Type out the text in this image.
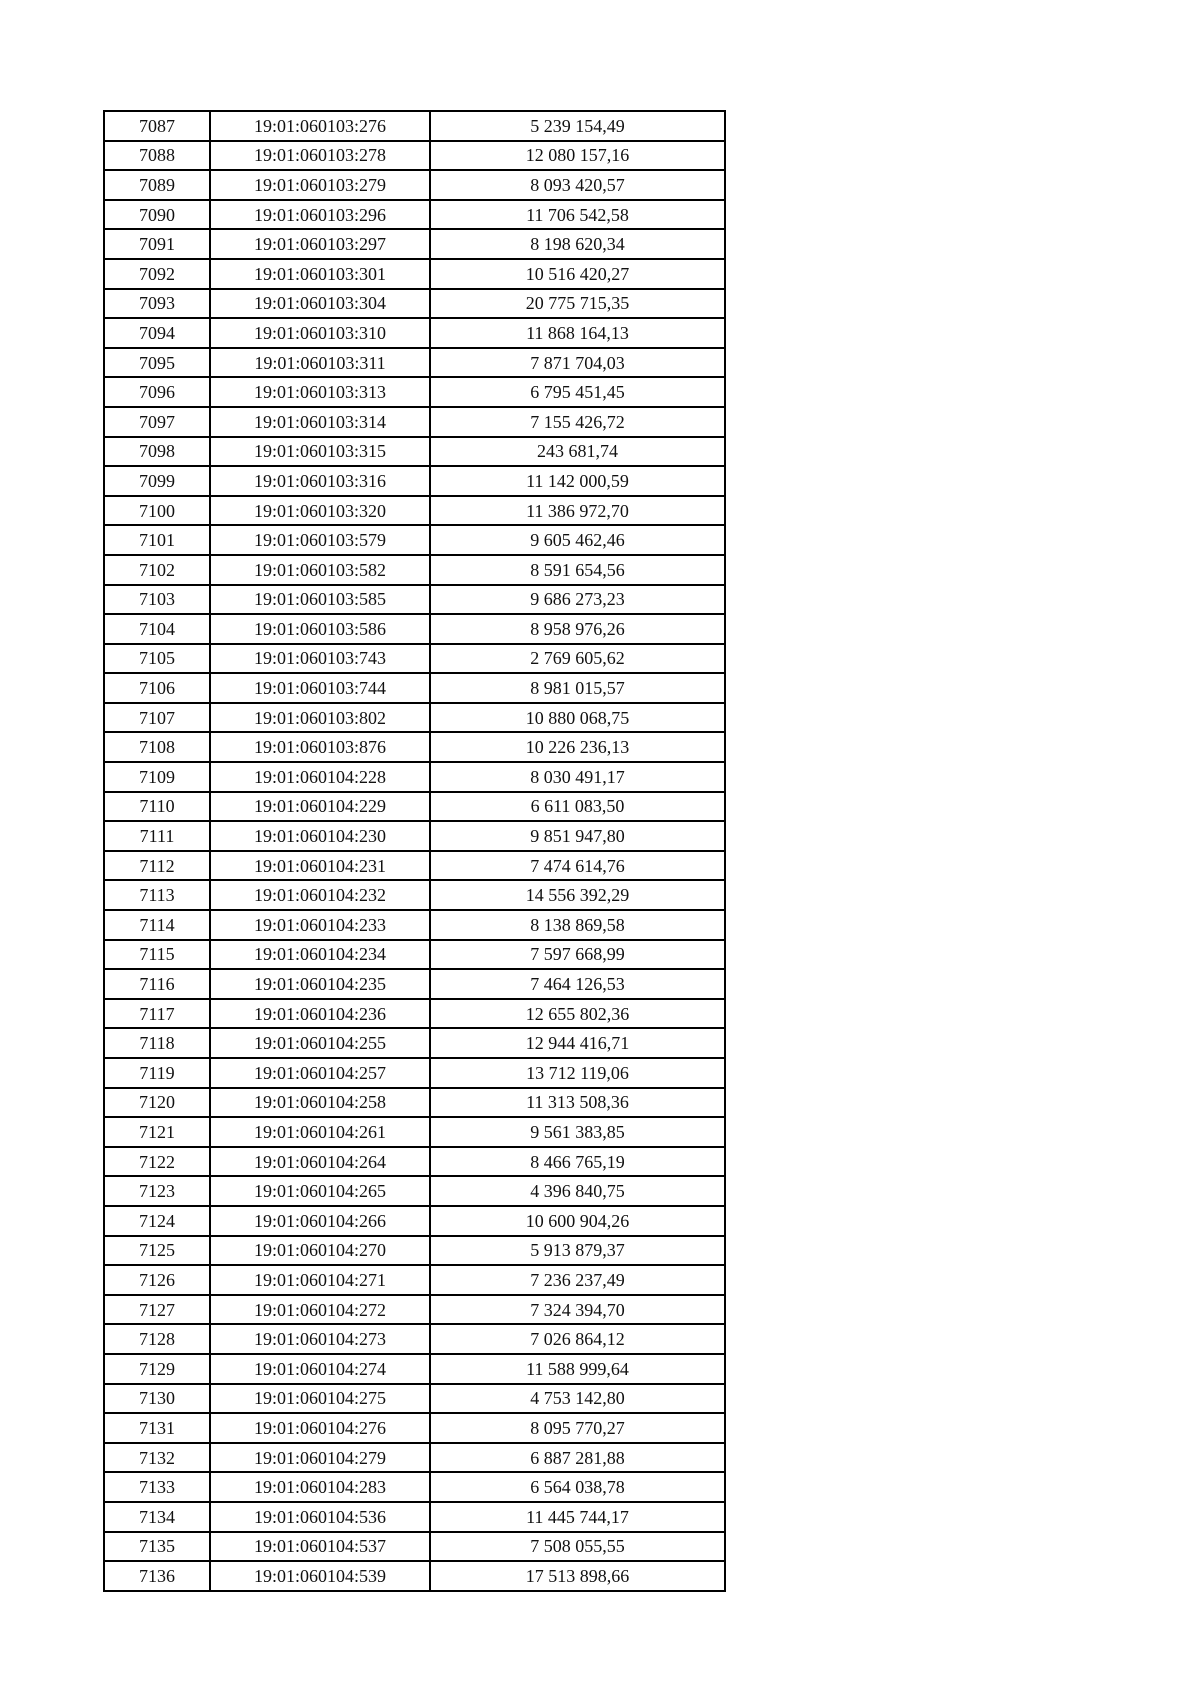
7087	19:01:060103:276	5 239 154,49
7088	19:01:060103:278	12 080 157,16
7089	19:01:060103:279	8 093 420,57
7090	19:01:060103:296	11 706 542,58
7091	19:01:060103:297	8 198 620,34
7092	19:01:060103:301	10 516 420,27
7093	19:01:060103:304	20 775 715,35
7094	19:01:060103:310	11 868 164,13
7095	19:01:060103:311	7 871 704,03
7096	19:01:060103:313	6 795 451,45
7097	19:01:060103:314	7 155 426,72
7098	19:01:060103:315	243 681,74
7099	19:01:060103:316	11 142 000,59
7100	19:01:060103:320	11 386 972,70
7101	19:01:060103:579	9 605 462,46
7102	19:01:060103:582	8 591 654,56
7103	19:01:060103:585	9 686 273,23
7104	19:01:060103:586	8 958 976,26
7105	19:01:060103:743	2 769 605,62
7106	19:01:060103:744	8 981 015,57
7107	19:01:060103:802	10 880 068,75
7108	19:01:060103:876	10 226 236,13
7109	19:01:060104:228	8 030 491,17
7110	19:01:060104:229	6 611 083,50
7111	19:01:060104:230	9 851 947,80
7112	19:01:060104:231	7 474 614,76
7113	19:01:060104:232	14 556 392,29
7114	19:01:060104:233	8 138 869,58
7115	19:01:060104:234	7 597 668,99
7116	19:01:060104:235	7 464 126,53
7117	19:01:060104:236	12 655 802,36
7118	19:01:060104:255	12 944 416,71
7119	19:01:060104:257	13 712 119,06
7120	19:01:060104:258	11 313 508,36
7121	19:01:060104:261	9 561 383,85
7122	19:01:060104:264	8 466 765,19
7123	19:01:060104:265	4 396 840,75
7124	19:01:060104:266	10 600 904,26
7125	19:01:060104:270	5 913 879,37
7126	19:01:060104:271	7 236 237,49
7127	19:01:060104:272	7 324 394,70
7128	19:01:060104:273	7 026 864,12
7129	19:01:060104:274	11 588 999,64
7130	19:01:060104:275	4 753 142,80
7131	19:01:060104:276	8 095 770,27
7132	19:01:060104:279	6 887 281,88
7133	19:01:060104:283	6 564 038,78
7134	19:01:060104:536	11 445 744,17
7135	19:01:060104:537	7 508 055,55
7136	19:01:060104:539	17 513 898,66
